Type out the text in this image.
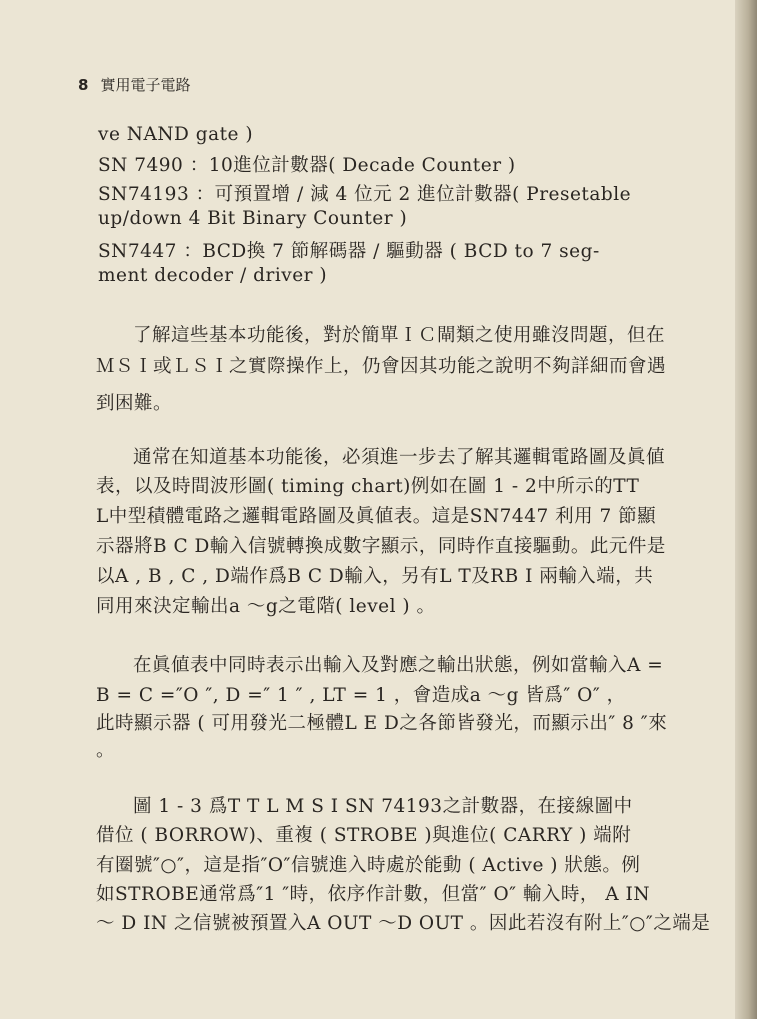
8 實用電子電路
ve NAND gate )
SN 7490 ：10進位計數器( Decade Counter )
SN74193 ：可預置增 / 減 4 位元 2 進位計數器( Presetable
up/down 4 Bit Binary Counter )
SN7447 ：BCD換 7 節解碼器 / 驅動器 ( BCD to 7 seg-
ment decoder / driver )
了解這些基本功能後，對於簡單ＩＣ閘類之使用雖沒問題，但在
ＭＳＩ或ＬＳＩ之實際操作上，仍會因其功能之說明不夠詳細而會遇
到困難。
通常在知道基本功能後，必須進一步去了解其邏輯電路圖及眞値
表，以及時間波形圖( timing chart)例如在圖 1 - 2中所示的TT
L中型積體電路之邏輯電路圖及眞値表。這是SN7447 利用 7 節顯
示器將B C D輸入信號轉換成數字顯示，同時作直接驅動。此元件是
以A , B , C , D端作爲B C D輸入，另有L T及RB I 兩輸入端，共
同用來決定輸出a ～g之電階( level ) 。
在眞値表中同時表示出輸入及對應之輸出狀態，例如當輸入A =
B = C =″O ″, D =″ 1 ″ , LT = 1 ，會造成a ～g 皆爲″ O″ ，
此時顯示器 ( 可用發光二極體L E D之各節皆發光，而顯示出″ 8 ″來
。
圖 1 - 3 爲T T L M S I SN 74193之計數器，在接線圖中
借位 ( BORROW)、重複 ( STROBE )與進位( CARRY ) 端附
有圈號″○″，這是指″O″信號進入時處於能動 ( Active ) 狀態。例
如STROBE通常爲″1 ″時，依序作計數，但當″ O″ 輸入時， A IN
～ D IN 之信號被預置入A OUT ～D OUT 。因此若沒有附上″○″之端是
